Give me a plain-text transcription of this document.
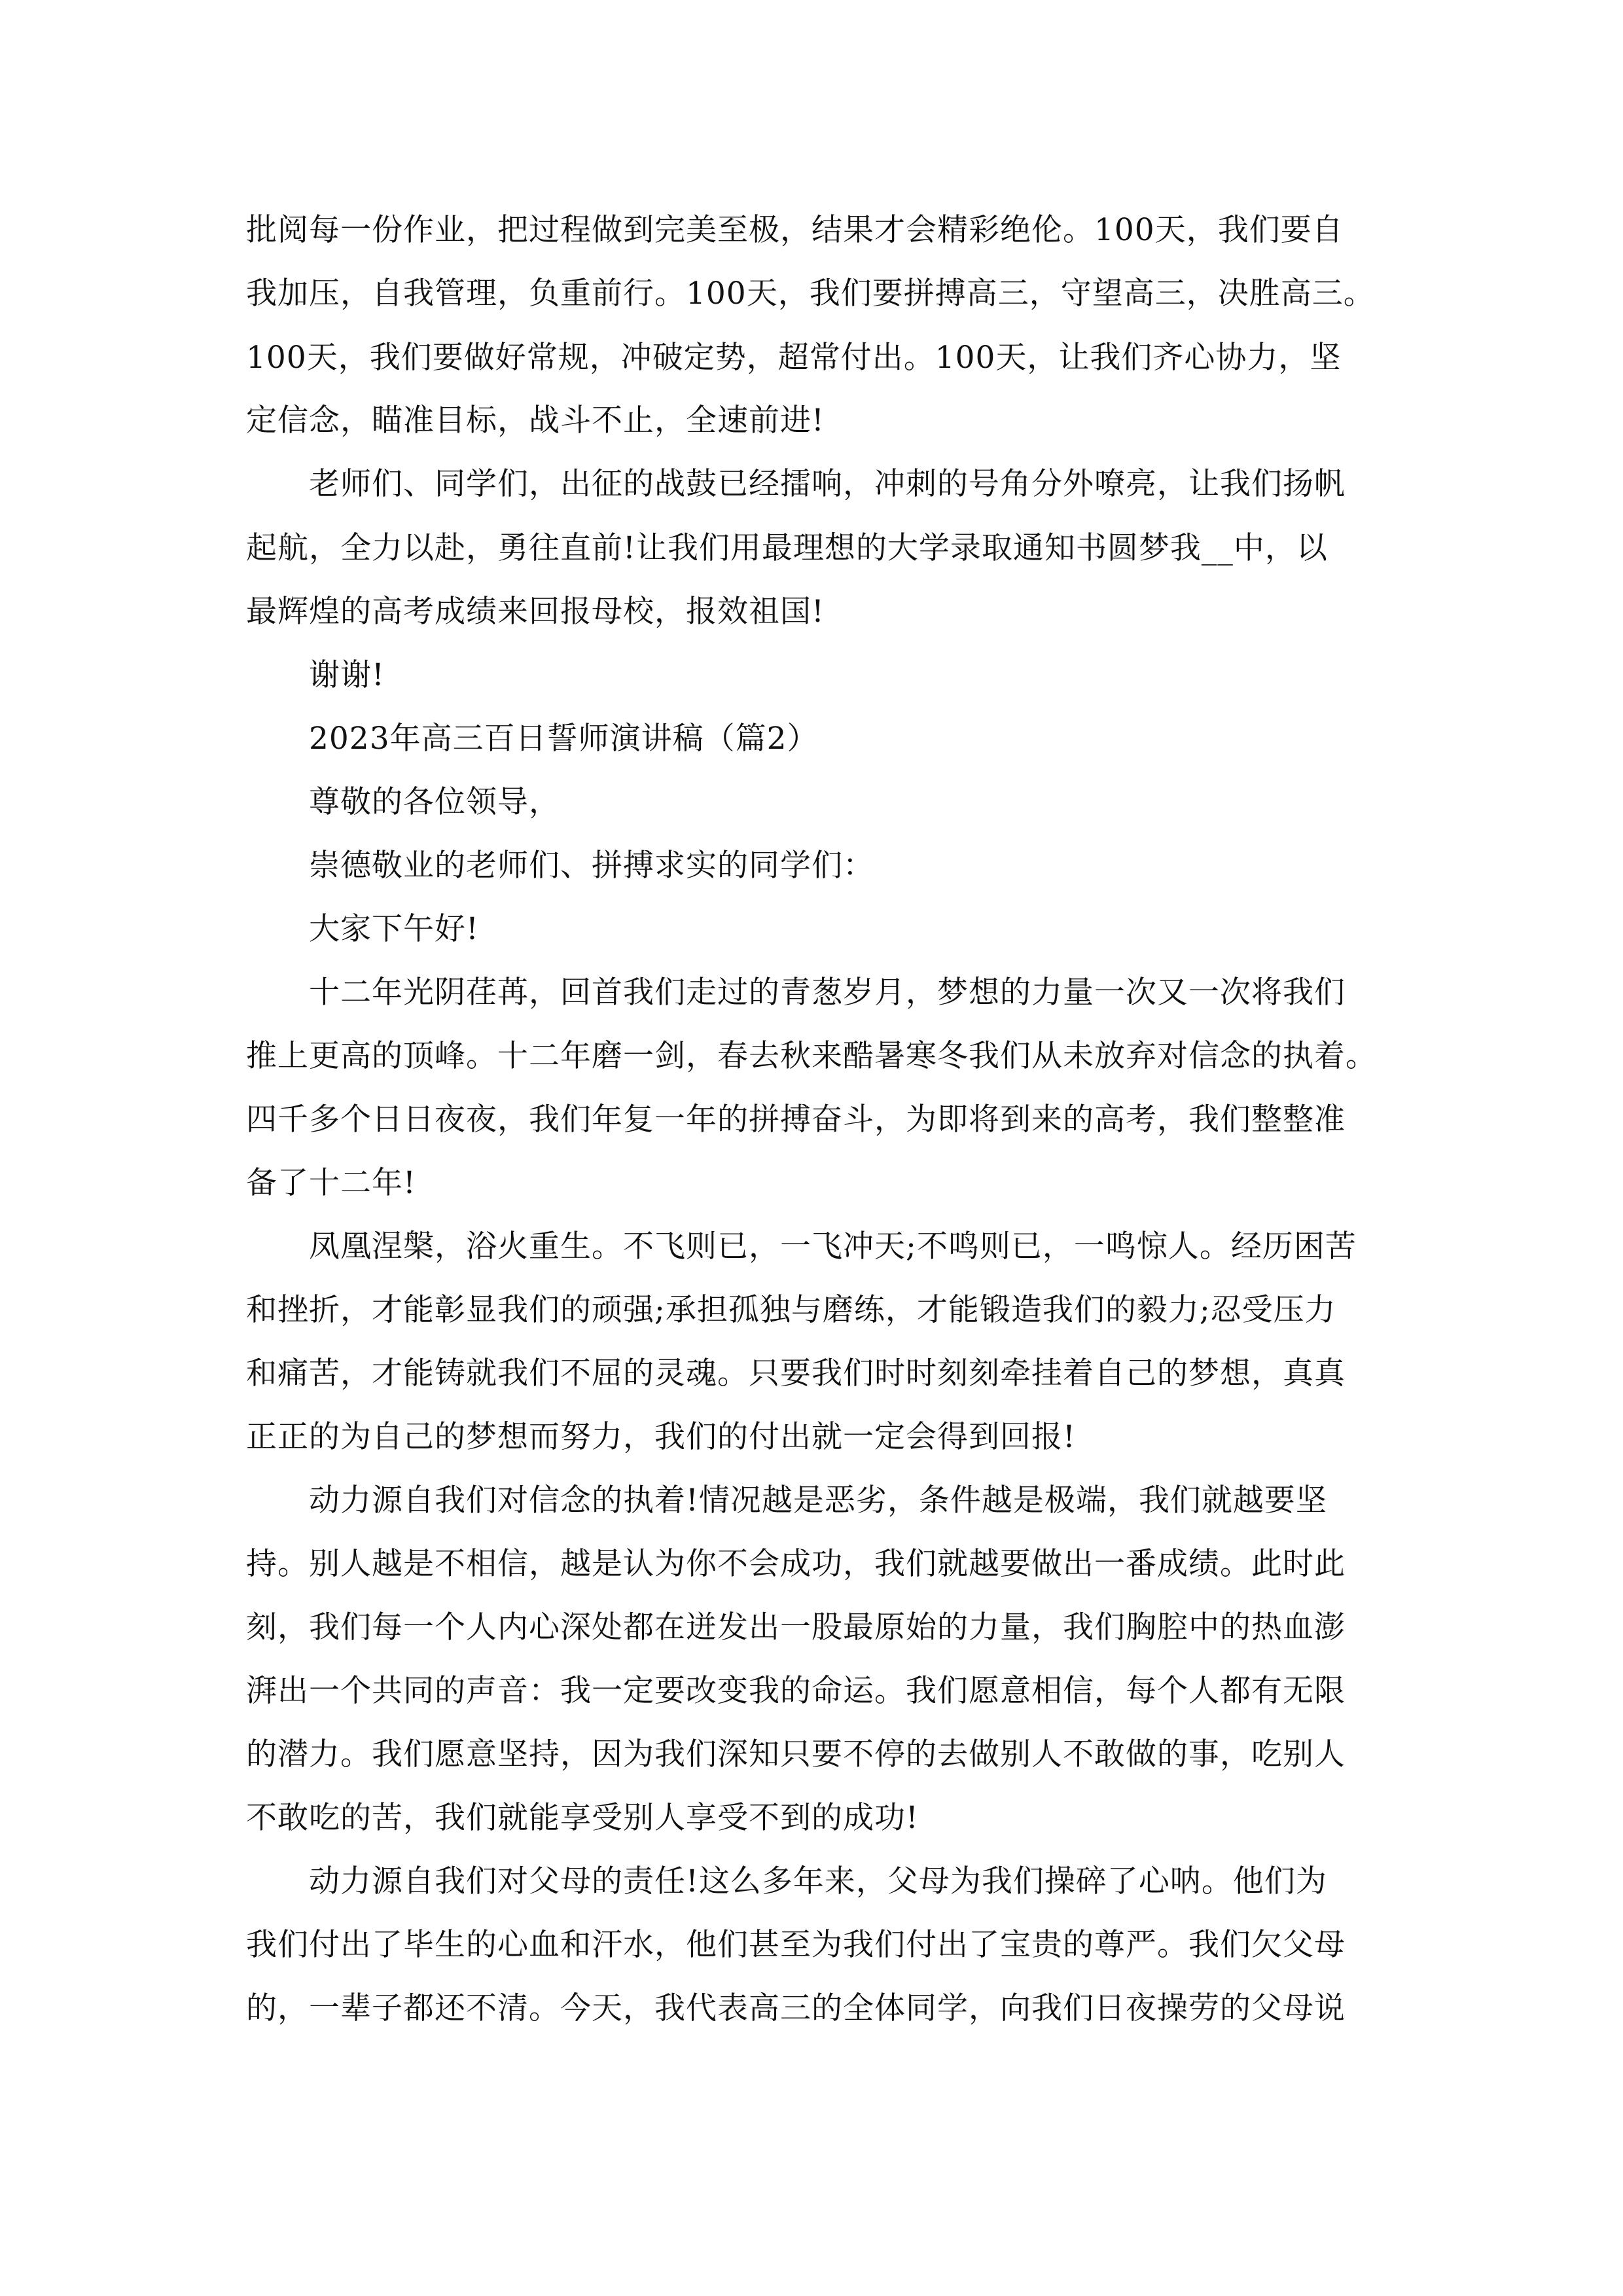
批阅每一份作业，把过程做到完美至极，结果才会精彩绝伦。100天，我们要自

我加压，自我管理，负重前行。100天，我们要拼搏高三，守望高三，决胜高三。

100天，我们要做好常规，冲破定势，超常付出。100天，让我们齐心协力，坚

定信念，瞄准目标，战斗不止，全速前进!

老师们、同学们，出征的战鼓已经擂响，冲刺的号角分外嘹亮，让我们扬帆

起航，全力以赴，勇往直前!让我们用最理想的大学录取通知书圆梦我__中，以

最辉煌的高考成绩来回报母校，报效祖国!

谢谢!

2023年高三百日誓师演讲稿（篇2）

尊敬的各位领导，

崇德敬业的老师们、拼搏求实的同学们：

大家下午好!

十二年光阴荏苒，回首我们走过的青葱岁月，梦想的力量一次又一次将我们

推上更高的顶峰。十二年磨一剑，春去秋来酷暑寒冬我们从未放弃对信念的执着。

四千多个日日夜夜，我们年复一年的拼搏奋斗，为即将到来的高考，我们整整准

备了十二年!

凤凰涅槃，浴火重生。不飞则已，一飞冲天;不鸣则已，一鸣惊人。经历困苦

和挫折，才能彰显我们的顽强;承担孤独与磨练，才能锻造我们的毅力;忍受压力

和痛苦，才能铸就我们不屈的灵魂。只要我们时时刻刻牵挂着自己的梦想，真真

正正的为自己的梦想而努力，我们的付出就一定会得到回报!

动力源自我们对信念的执着!情况越是恶劣，条件越是极端，我们就越要坚

持。别人越是不相信，越是认为你不会成功，我们就越要做出一番成绩。此时此

刻，我们每一个人内心深处都在迸发出一股最原始的力量，我们胸腔中的热血澎

湃出一个共同的声音：我一定要改变我的命运。我们愿意相信，每个人都有无限

的潜力。我们愿意坚持，因为我们深知只要不停的去做别人不敢做的事，吃别人

不敢吃的苦，我们就能享受别人享受不到的成功!

动力源自我们对父母的责任!这么多年来，父母为我们操碎了心呐。他们为

我们付出了毕生的心血和汗水，他们甚至为我们付出了宝贵的尊严。我们欠父母

的，一辈子都还不清。今天，我代表高三的全体同学，向我们日夜操劳的父母说
